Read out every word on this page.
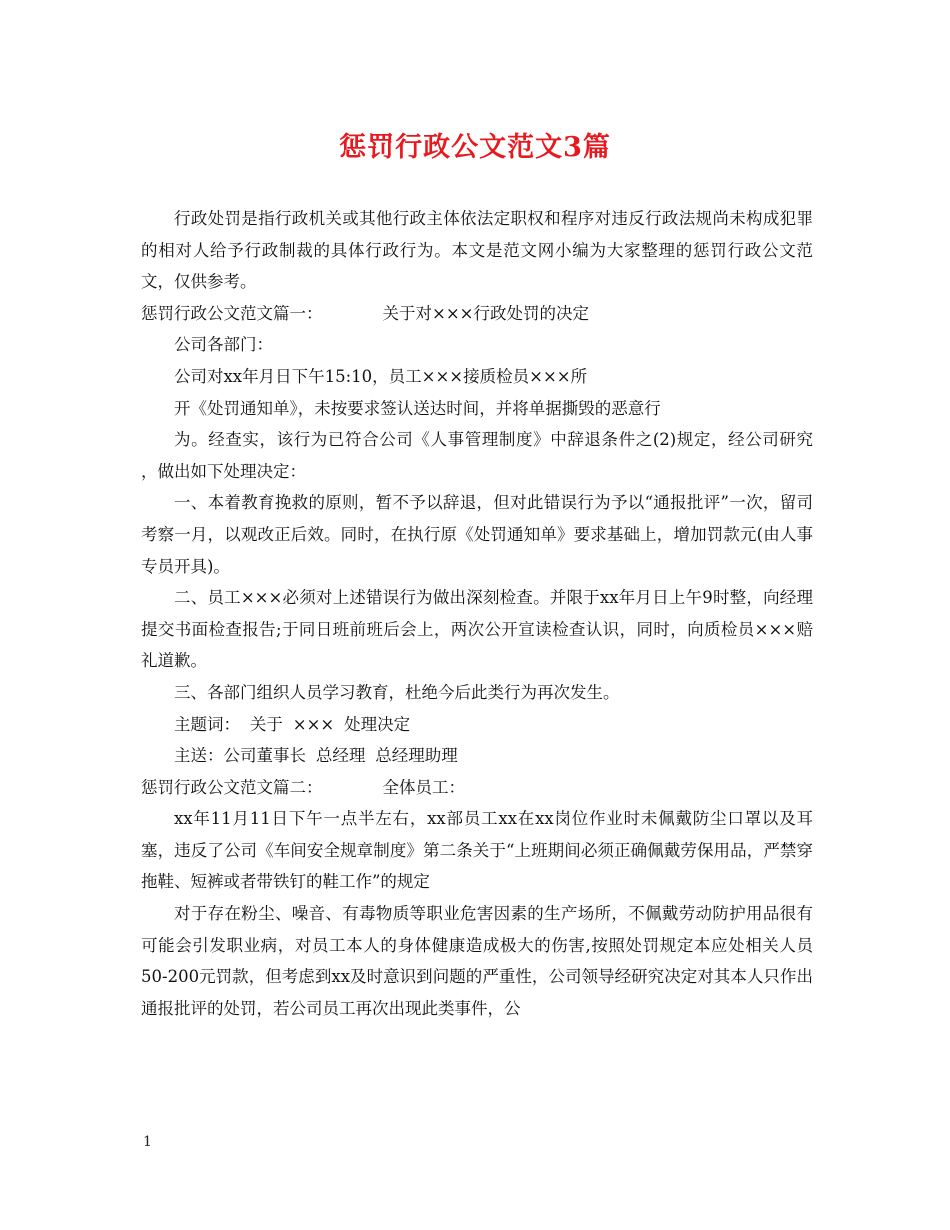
惩罚行政公文范文3篇

行政处罚是指行政机关或其他行政主体依法定职权和程序对违反行政法规尚未构成犯罪的相对人给予行政制裁的具体行政行为。本文是范文网小编为大家整理的惩罚行政公文范文，仅供参考。

惩罚行政公文范文篇一：	关于对×××行政处罚的决定

公司各部门：

公司对xx年月日下午15:10，员工×××接质检员×××所

开《处罚通知单》，未按要求签认送达时间，并将单据撕毁的恶意行

为。经查实，该行为已符合公司《人事管理制度》中辞退条件之(2)规定，经公司研究 ，做出如下处理决定：

一、本着教育挽救的原则，暂不予以辞退，但对此错误行为予以“通报批评”一次，留司考察一月，以观改正后效。同时，在执行原《处罚通知单》要求基础上，增加罚款元(由人事专员开具)。

二、员工×××必须对上述错误行为做出深刻检查。并限于xx年月日上午9时整，向经理提交书面检查报告;于同日班前班后会上，两次公开宣读检查认识，同时，向质检员×××赔礼道歉。

三、各部门组织人员学习教育，杜绝今后此类行为再次发生。

主题词： 关于 ××× 处理决定

主送：公司董事长 总经理 总经理助理

惩罚行政公文范文篇二：	全体员工：

xx年11月11日下午一点半左右，xx部员工xx在xx岗位作业时未佩戴防尘口罩以及耳塞，违反了公司《车间安全规章制度》第二条关于“上班期间必须正确佩戴劳保用品，严禁穿拖鞋、短裤或者带铁钉的鞋工作”的规定

对于存在粉尘、噪音、有毒物质等职业危害因素的生产场所，不佩戴劳动防护用品很有可能会引发职业病，对员工本人的身体健康造成极大的伤害,按照处罚规定本应处相关人员50-200元罚款，但考虑到xx及时意识到问题的严重性，公司领导经研究决定对其本人只作出通报批评的处罚，若公司员工再次出现此类事件，公

1
